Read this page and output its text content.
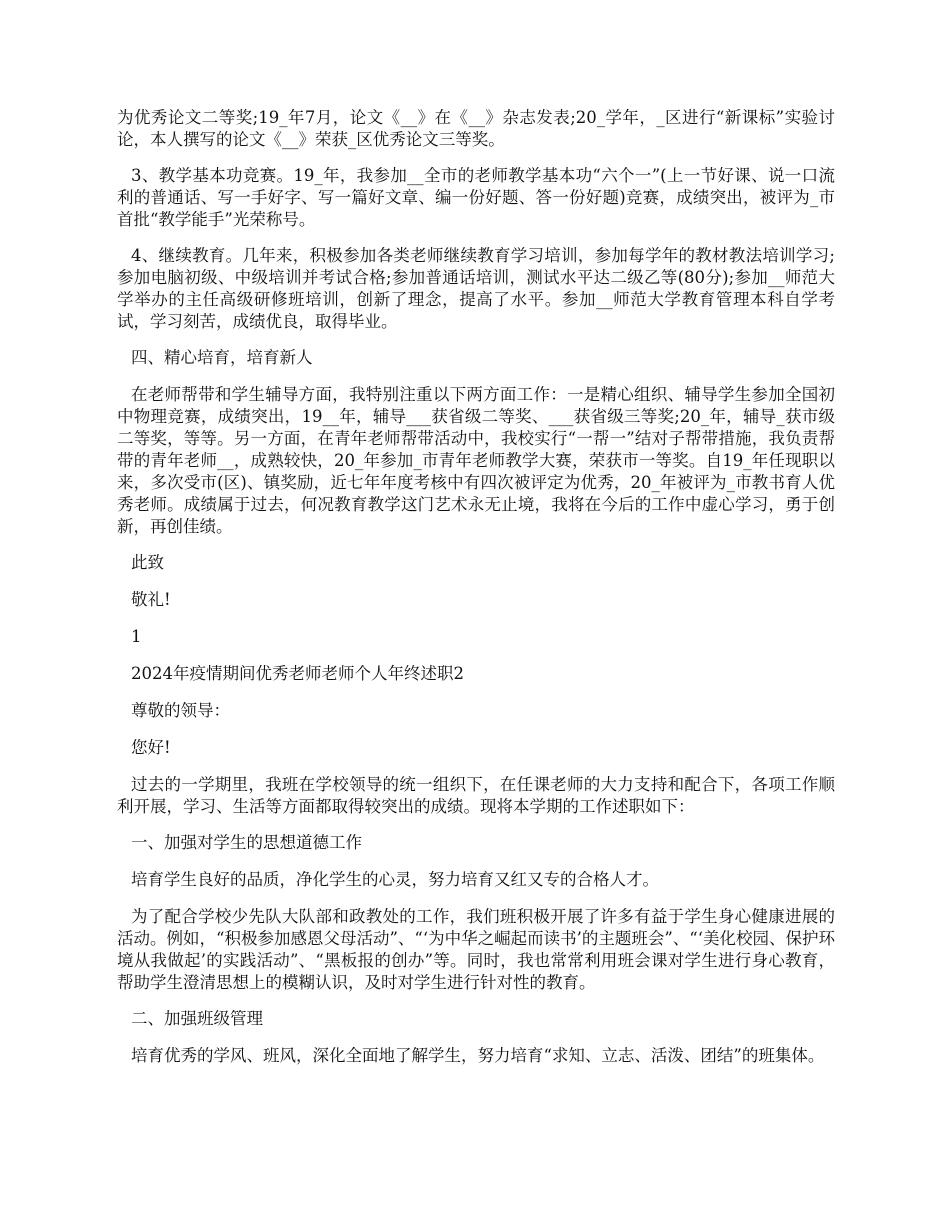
为优秀论文二等奖;19_年7月，论文《__》在《__》杂志发表;20_学年，_区进行“新课标”实验讨论，本人撰写的论文《__》荣获_区优秀论文三等奖。

3、教学基本功竞赛。19_年，我参加__全市的老师教学基本功“六个一”(上一节好课、说一口流利的普通话、写一手好字、写一篇好文章、编一份好题、答一份好题)竞赛，成绩突出，被评为_市首批“教学能手”光荣称号。

4、继续教育。几年来，积极参加各类老师继续教育学习培训，参加每学年的教材教法培训学习;参加电脑初级、中级培训并考试合格;参加普通话培训，测试水平达二级乙等(80分);参加__师范大学举办的主任高级研修班培训，创新了理念，提高了水平。参加__师范大学教育管理本科自学考试，学习刻苦，成绩优良，取得毕业。

四、精心培育，培育新人

在老师帮带和学生辅导方面，我特别注重以下两方面工作：一是精心组织、辅导学生参加全国初中物理竞赛，成绩突出，19__年，辅导___获省级二等奖、___获省级三等奖;20_年，辅导_获市级二等奖，等等。另一方面，在青年老师帮带活动中，我校实行“一帮一”结对子帮带措施，我负责帮带的青年老师__，成熟较快，20_年参加_市青年老师教学大赛，荣获市一等奖。自19_年任现职以来，多次受市(区)、镇奖励，近七年年度考核中有四次被评定为优秀，20_年被评为_市教书育人优秀老师。成绩属于过去，何况教育教学这门艺术永无止境，我将在今后的工作中虚心学习，勇于创新，再创佳绩。

此致

敬礼!

1

2024年疫情期间优秀老师老师个人年终述职2

尊敬的领导：

您好!

过去的一学期里，我班在学校领导的统一组织下，在任课老师的大力支持和配合下，各项工作顺利开展，学习、生活等方面都取得较突出的成绩。现将本学期的工作述职如下：

一、加强对学生的思想道德工作

培育学生良好的品质，净化学生的心灵，努力培育又红又专的合格人才。

为了配合学校少先队大队部和政教处的工作，我们班积极开展了许多有益于学生身心健康进展的活动。例如，“积极参加感恩父母活动”、“‘为中华之崛起而读书’的主题班会”、“‘美化校园、保护环境从我做起’的实践活动”、“黑板报的创办”等。同时，我也常常利用班会课对学生进行身心教育，帮助学生澄清思想上的模糊认识，及时对学生进行针对性的教育。

二、加强班级管理

培育优秀的学风、班风，深化全面地了解学生，努力培育“求知、立志、活泼、团结”的班集体。
